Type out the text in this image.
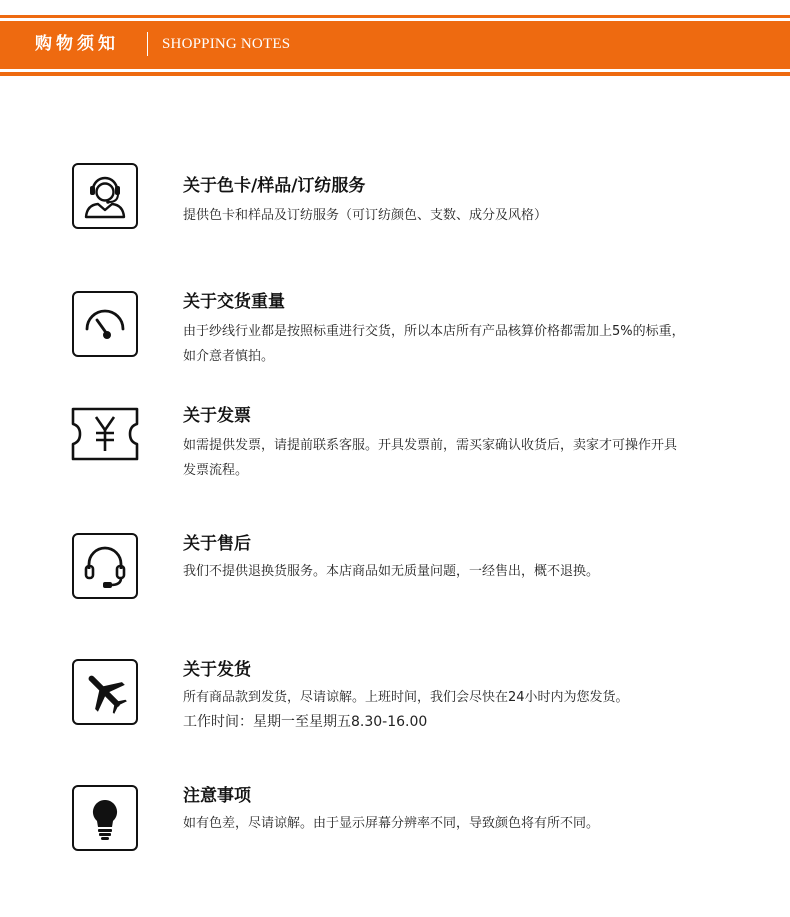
购物须知	SHOPPING NOTES
关于色卡/样品/订纺服务
提供色卡和样品及订纺服务（可订纺颜色、支数、成分及风格）
关于交货重量
由于纱线行业都是按照标重进行交货，所以本店所有产品核算价格都需加上5%的标重，
如介意者慎拍。
关于发票
如需提供发票，请提前联系客服。开具发票前，需买家确认收货后，卖家才可操作开具
发票流程。
关于售后
我们不提供退换货服务。本店商品如无质量问题，一经售出，概不退换。
关于发货
所有商品款到发货，尽请谅解。上班时间，我们会尽快在24小时内为您发货。
工作时间：星期一至星期五8.30-16.00
注意事项
如有色差，尽请谅解。由于显示屏幕分辨率不同，导致颜色将有所不同。
